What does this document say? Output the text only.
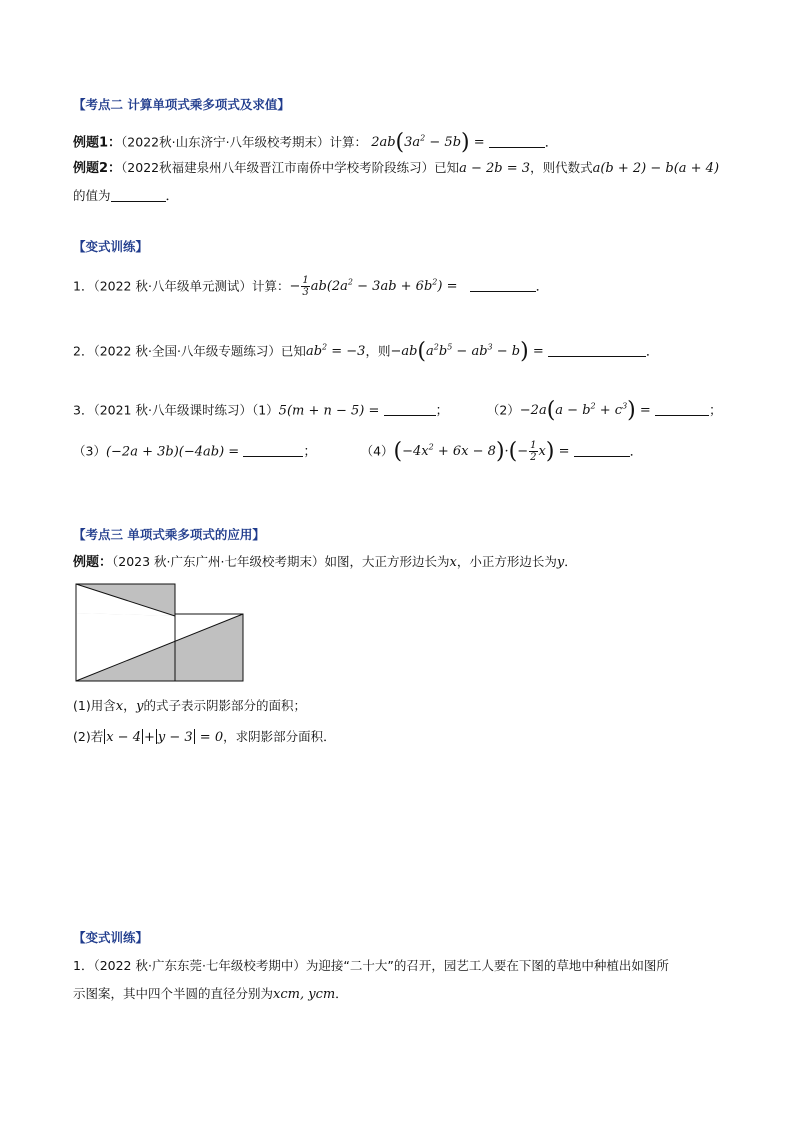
【考点二 计算单项式乘多项式及求值】
例题1：（2022秋·山东济宁·八年级校考期末）计算： $2ab(3a^2 - 5b)$ =	．
例题2：（2022秋福建泉州八年级晋江市南侨中学校考阶段练习）已知a − 2b = 3，则代数式a(b + 2) − b(a + 4)
的值为	．
【变式训练】
1．（2022 秋·八年级单元测试）计算：− $\frac{1}{3} ab(2a^2 - 3ab + 6b^2)$ =	．
2．（2022 秋·全国·八年级专题练习）已知$ab^2 = -3$，则$-ab(a^2b^5 - ab^3 - b)$ =	．
3．（2021 秋·八年级课时练习）（1）5(m + n − 5) =	；	$(2)-2a(a - b^2 + c^3)$ =	；
（3）(−2a + 3b)(−4ab) =	；	$(4)(-4x^2 + 6x - 8)\cdot(- \frac{1}{2} x)$ =	．
【考点三 单项式乘多项式的应用】
例题：（2023 秋·广东广州·七年级校考期末）如图，大正方形边长为x，小正方形边长为y．
(1)用含x，y的式子表示阴影部分的面积；
(2)若 x − 4 + y − 3 = 0，求阴影部分面积．
【变式训练】
1．（2022 秋·广东东莞·七年级校考期中）为迎接“二十大”的召开，园艺工人要在下图的草地中种植出如图所
示图案，其中四个半圆的直径分别为xcm, ycm．
